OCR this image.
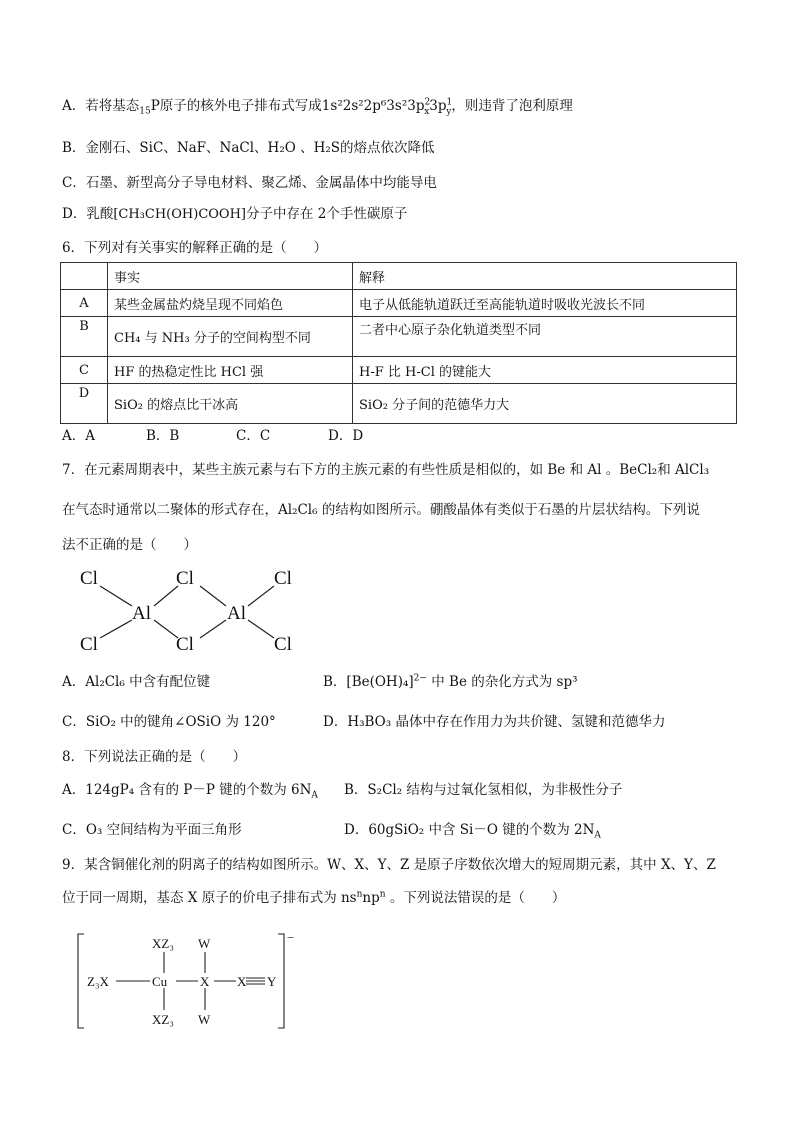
A．若将基态$_{15}$P原子的核外电子排布式写成$1s^22s^22p^63s^23p^2_x3p^1_y$，则违背了泡利原理
B．金刚石、SiC、NaF、NaCl、H₂O 、H₂S的熔点依次降低
C．石墨、新型高分子导电材料、聚乙烯、金属晶体中均能导电
D．乳酸[CH₃CH(OH)COOH]分子中存在 2个手性碳原子
6．下列对有关事实的解释正确的是（　　）
	事实	解释
A	某些金属盐灼烧呈现不同焰色	电子从低能轨道跃迁至高能轨道时吸收光波长不同
B	CH₄ 与 NH₃ 分子的空间构型不同	二者中心原子杂化轨道类型不同
C	HF 的热稳定性比 HCl 强	H-F 比 H-Cl 的键能大
D	SiO₂ 的熔点比干冰高	SiO₂ 分子间的范德华力大
A．A	B．B	C．C	D．D
7．在元素周期表中，某些主族元素与右下方的主族元素的有些性质是相似的，如 Be 和 Al 。BeCl₂和 AlCl₃
在气态时通常以二聚体的形式存在，Al₂Cl₆ 的结构如图所示。硼酸晶体有类似于石墨的片层状结构。下列说
法不正确的是（　　）
Cl	Cl	Cl
Al	Al
Cl	Cl	Cl
A．Al₂Cl₆ 中含有配位键	B．$[Be(OH)_4]^{2-}$ 中 Be 的杂化方式为 sp³
C．SiO₂ 中的键角∠OSiO 为 120°	D．H₃BO₃ 晶体中存在作用力为共价键、氢键和范德华力
8．下列说法正确的是（　　）
A．124gP₄ 含有的 P－P 键的个数为 $6N_A$ B．S₂Cl₂ 结构与过氧化氢相似，为非极性分子
C．O₃ 空间结构为平面三角形	D．60gSiO₂ 中含 Si－O 键的个数为 $2N_A$
9．某含铜催化剂的阴离子的结构如图所示。W、X、Y、Z 是原子序数依次增大的短周期元素，其中 X、Y、Z
位于同一周期，基态 X 原子的价电子排布式为 $ns^nnp^n$ 。下列说法错误的是（　　）
XZ₃ W
Z₃X	Cu	X X Y
XZ₃ W
−
